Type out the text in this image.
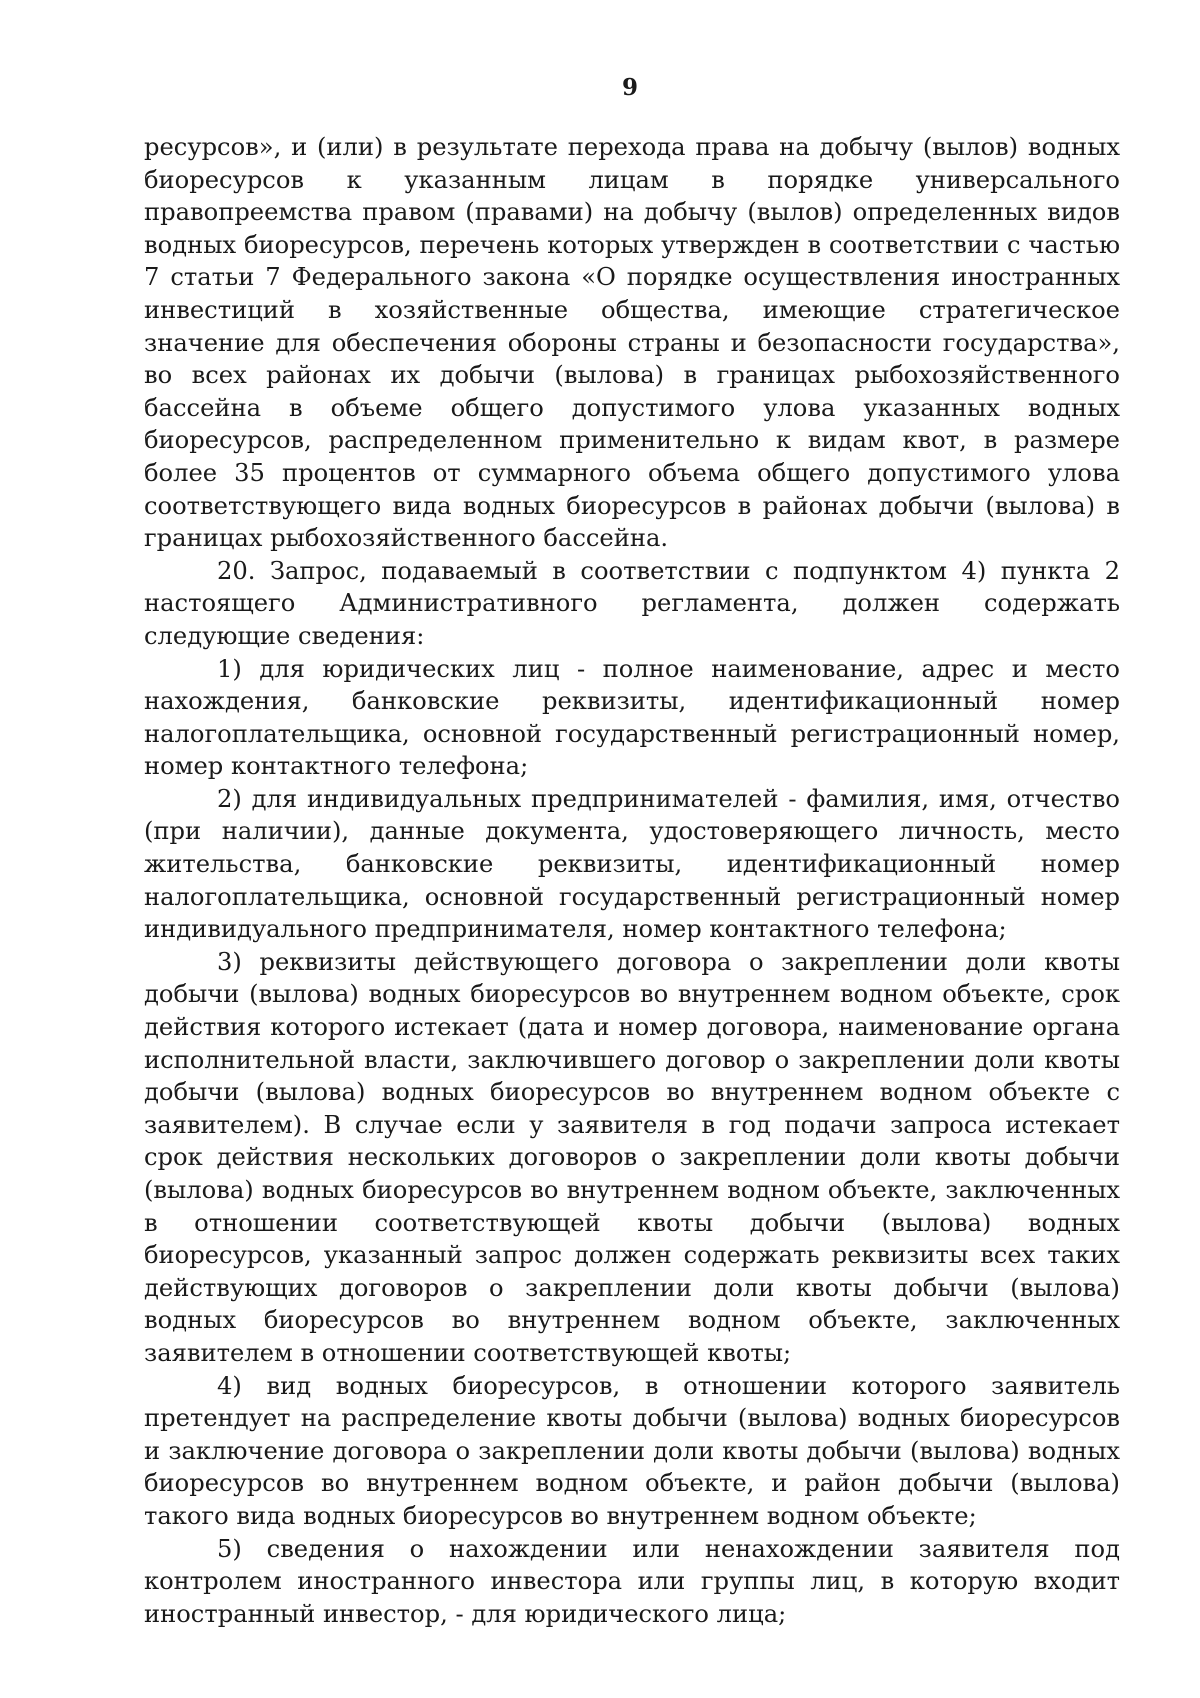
9

ресурсов», и (или) в результате перехода права на добычу (вылов) водных биоресурсов к указанным лицам в порядке универсального правопреемства правом (правами) на добычу (вылов) определенных видов водных биоресурсов, перечень которых утвержден в соответствии с частью 7 статьи 7 Федерального закона «О порядке осуществления иностранных инвестиций в хозяйственные общества, имеющие стратегическое значение для обеспечения обороны страны и безопасности государства», во всех районах их добычи (вылова) в границах рыбохозяйственного бассейна в объеме общего допустимого улова указанных водных биоресурсов, распределенном применительно к видам квот, в размере более 35 процентов от суммарного объема общего допустимого улова соответствующего вида водных биоресурсов в районах добычи (вылова) в границах рыбохозяйственного бассейна.

20. Запрос, подаваемый в соответствии с подпунктом 4) пункта 2 настоящего Административного регламента, должен содержать следующие сведения:

1) для юридических лиц - полное наименование, адрес и место нахождения, банковские реквизиты, идентификационный номер налогоплательщика, основной государственный регистрационный номер, номер контактного телефона;

2) для индивидуальных предпринимателей - фамилия, имя, отчество (при наличии), данные документа, удостоверяющего личность, место жительства, банковские реквизиты, идентификационный номер налогоплательщика, основной государственный регистрационный номер индивидуального предпринимателя, номер контактного телефона;

3) реквизиты действующего договора о закреплении доли квоты добычи (вылова) водных биоресурсов во внутреннем водном объекте, срок действия которого истекает (дата и номер договора, наименование органа исполнительной власти, заключившего договор о закреплении доли квоты добычи (вылова) водных биоресурсов во внутреннем водном объекте с заявителем). В случае если у заявителя в год подачи запроса истекает срок действия нескольких договоров о закреплении доли квоты добычи (вылова) водных биоресурсов во внутреннем водном объекте, заключенных в отношении соответствующей квоты добычи (вылова) водных биоресурсов, указанный запрос должен содержать реквизиты всех таких действующих договоров о закреплении доли квоты добычи (вылова) водных биоресурсов во внутреннем водном объекте, заключенных заявителем в отношении соответствующей квоты;

4) вид водных биоресурсов, в отношении которого заявитель претендует на распределение квоты добычи (вылова) водных биоресурсов и заключение договора о закреплении доли квоты добычи (вылова) водных биоресурсов во внутреннем водном объекте, и район добычи (вылова) такого вида водных биоресурсов во внутреннем водном объекте;

5) сведения о нахождении или ненахождении заявителя под контролем иностранного инвестора или группы лиц, в которую входит иностранный инвестор, - для юридического лица;
